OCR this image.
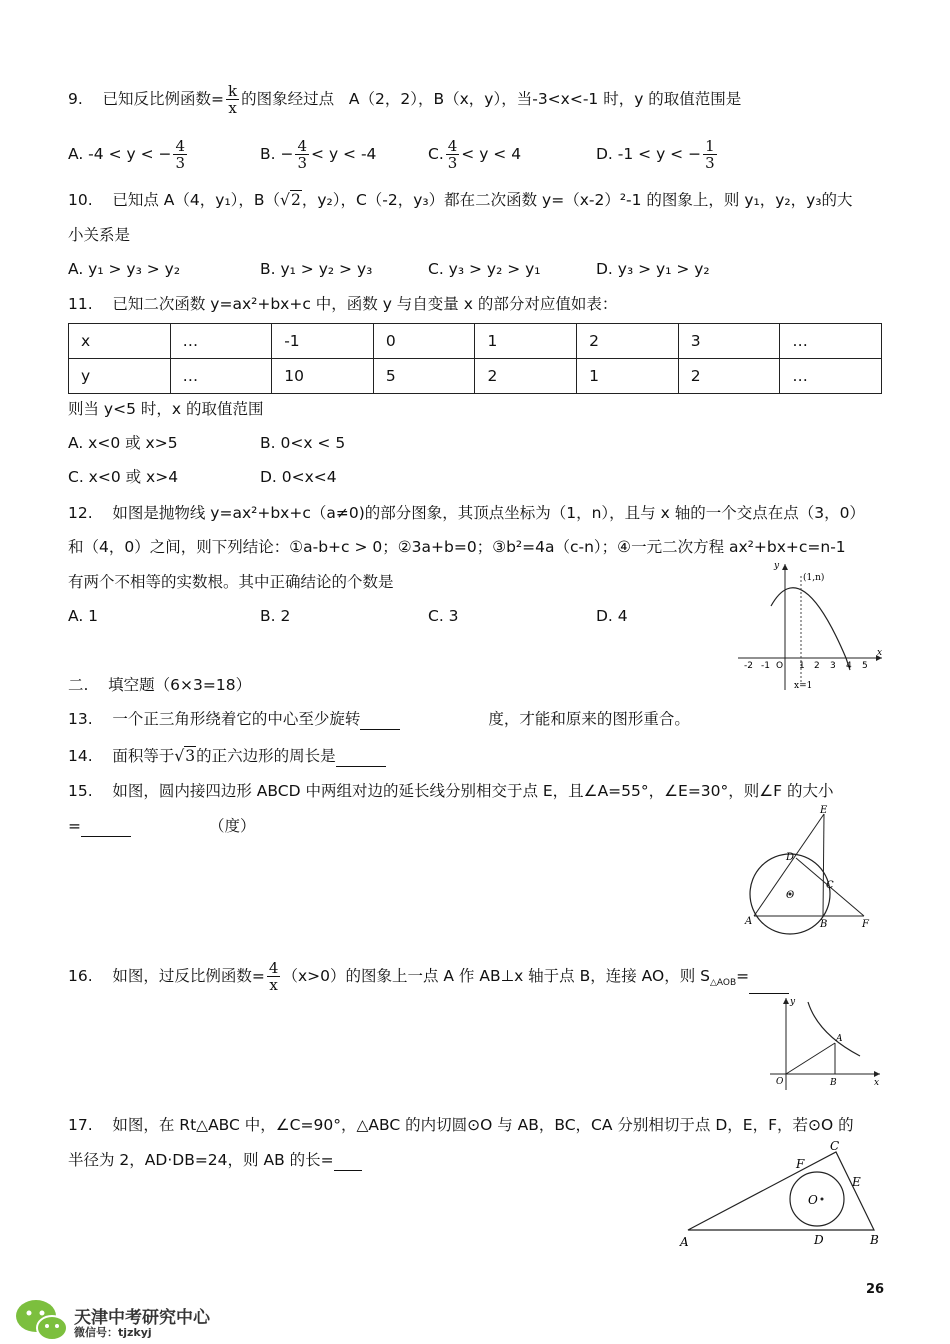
9. 已知反比例函数= $\frac{k}{x}$ 的图象经过点 A（2，2），B（x，y），当-3<x<-1 时，y 的取值范围是
A. -4 < y < − $\frac{4}{3}$	B. − $\frac{4}{3} < y < -4$	C. $\frac{4}{3} < y < 4$	D. -1 < y < − $\frac{1}{3}$
10. 已知点 A（4，y₁），B（√2，y₂），C（-2，y₃）都在二次函数 y=（x-2）²-1 的图象上，则 y₁，y₂，y₃的大
小关系是
A. y₁ > y₃ > y₂	B. y₁ > y₂ > y₃	C. y₃ > y₂ > y₁	D. y₃ > y₁ > y₂
11. 已知二次函数 y=ax²+bx+c 中，函数 y 与自变量 x 的部分对应值如表：
x	…	-1	0	1	2	3	…
y	…	10	5	2	1	2	…
则当 y<5 时，x 的取值范围
A. x<0 或 x>5	B. 0<x < 5
C. x<0 或 x>4	D. 0<x<4
12. 如图是抛物线 y=ax²+bx+c（a≠0)的部分图象，其顶点坐标为（1，n），且与 x 轴的一个交点在点（3，0）
和（4，0）之间，则下列结论：①a-b+c > 0；②3a+b=0；③b²=4a（c-n）；④一元二次方程 ax²+bx+c=n-1
有两个不相等的实数根。其中正确结论的个数是
A. 1	B. 2	C. 3	D. 4
y
x
(1,n)
x=1
-2 -1 O 1 2 3 4 5
二. 填空题（6×3=18）
13. 一个正三角形绕着它的中心至少旋转	度，才能和原来的图形重合。
14. 面积等于√3的正六边形的周长是
15. 如图，圆内接四边形 ABCD 中两组对边的延长线分别相交于点 E，且∠A=55°，∠E=30°，则∠F 的大小
=	（度）
E
D
C
O
A	B	F
16. 如图，过反比例函数= $\frac{4}{x} (x>0)$的图象上一点 A 作 AB⊥x 轴于点 B，连接 AO，则 $S_{\triangle AOB}=$
y
A
O	B	x
17. 如图，在 Rt△ABC 中，∠C=90°，△ABC 的内切圆⊙O 与 AB，BC，CA 分别相切于点 D，E，F，若⊙O 的
半径为 2，AD·DB=24，则 AB 的长=
C
F
E
O
A	D	B
26
天津中考研究中心
微信号：tjzkyj
